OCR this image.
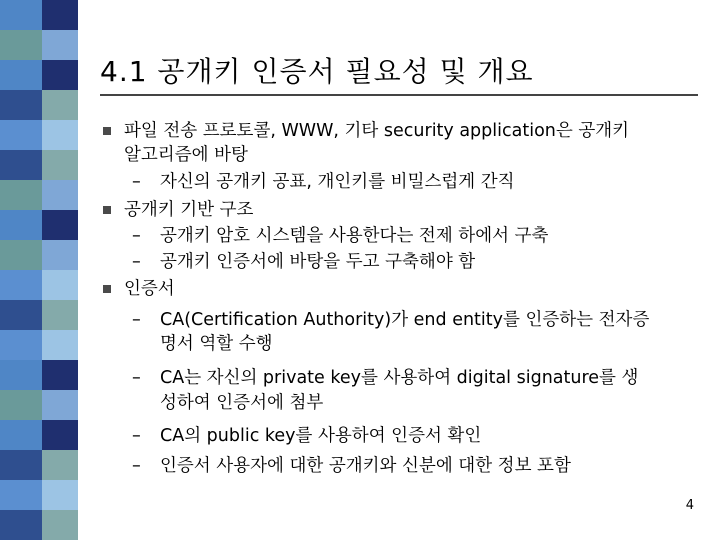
4.1 공개키 인증서 필요성 및 개요
파일 전송 프로토콜, WWW, 기타 security application은 공개키
알고리즘에 바탕
– 자신의 공개키 공표, 개인키를 비밀스럽게 간직
공개키 기반 구조
– 공개키 암호 시스템을 사용한다는 전제 하에서 구축
– 공개키 인증서에 바탕을 두고 구축해야 함
인증서
– CA(Certification Authority)가 end entity를 인증하는 전자증
명서 역할 수행
– CA는 자신의 private key를 사용하여 digital signature를 생
성하여 인증서에 첨부
– CA의 public key를 사용하여 인증서 확인
– 인증서 사용자에 대한 공개키와 신분에 대한 정보 포함
4
